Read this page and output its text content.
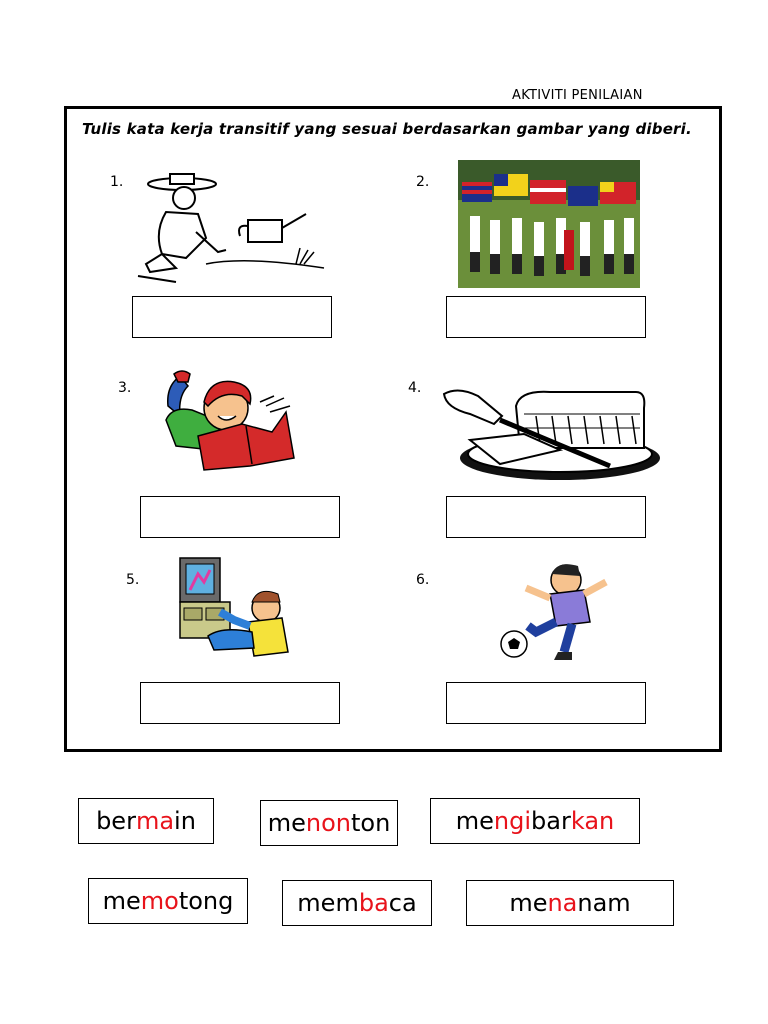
AKTIVITI PENILAIAN
Tulis kata kerja transitif yang sesuai berdasarkan gambar yang diberi.
1.	2.
3.	4.
5.	6.
ber ma in	me non ton	me ngi bar kan
me mo tong	mem ba ca	me na nam
